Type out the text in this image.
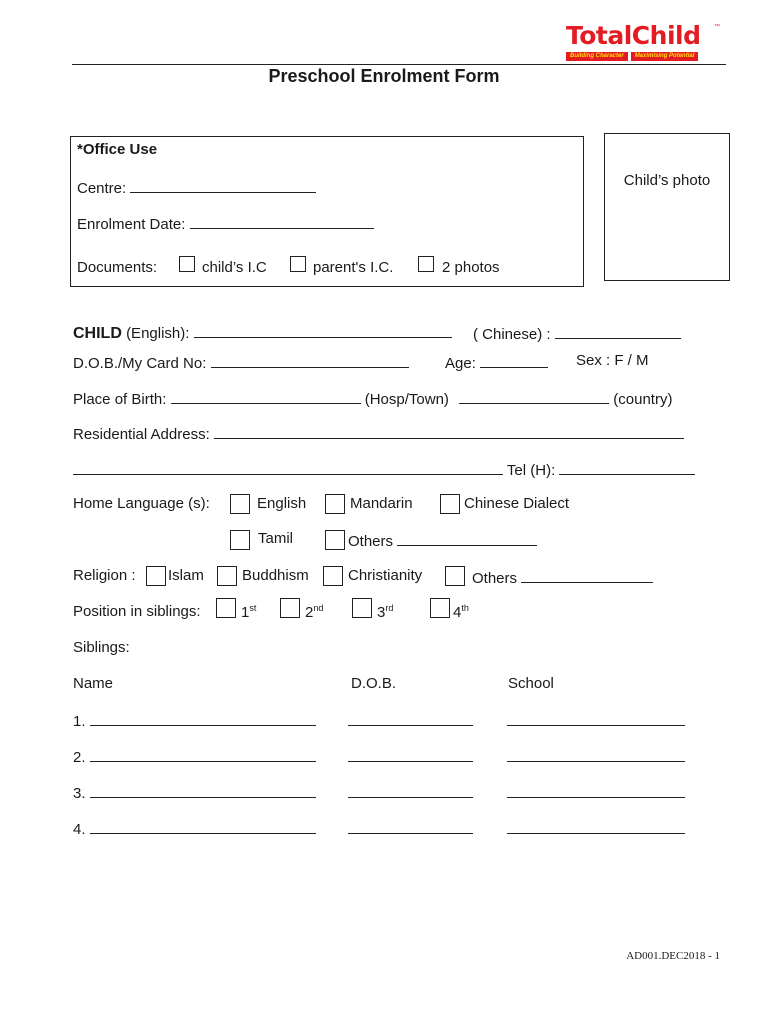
TotalChild	™
Building Character	Maximising Potential
Preschool Enrolment Form
*Office Use
Centre:
Enrolment Date:
Documents:	child’s I.C	parent's I.C.	2 photos
Child’s photo
CHILD (English):	( Chinese) :
D.O.B./My Card No:	Age:	Sex : F / M
Place of Birth:	(Hosp/Town)	(country)
Residential Address:
Tel (H):
Home Language (s):	English	Mandarin	Chinese Dialect
Tamil	Others
Religion : Islam	Buddhism	Christianity	Others
Position in siblings:	1st	2nd	3rd	4th
Siblings:
Name	D.O.B.	School
1.
2.
3.
4.
AD001.DEC2018 - 1
